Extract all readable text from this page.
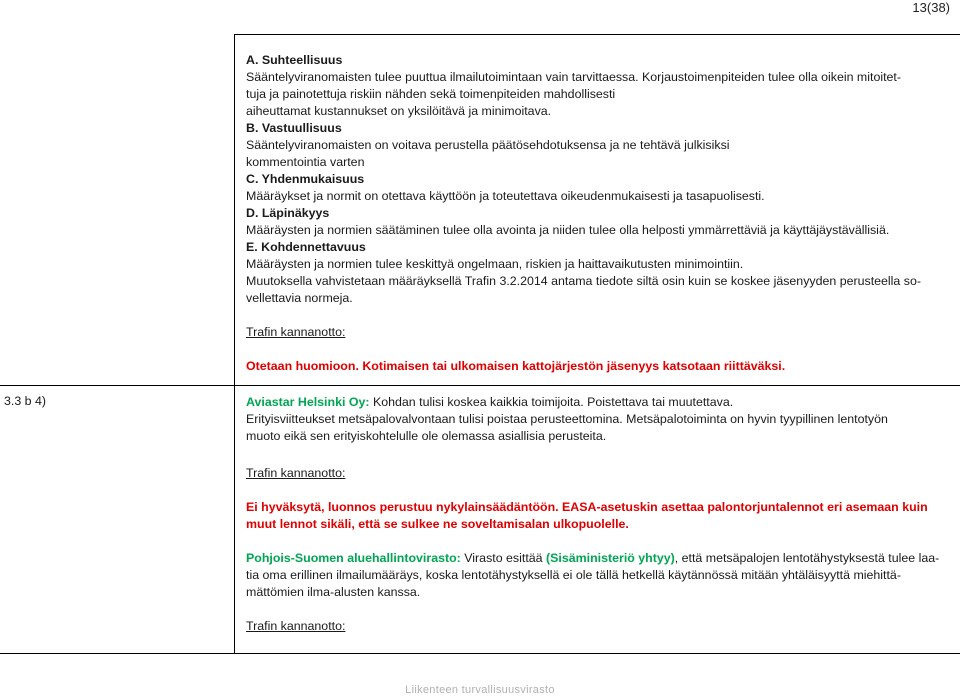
13(38)

A. Suhteellisuus

Sääntelyviranomaisten tulee puuttua ilmailutoimintaan vain tarvittaessa. Korjaustoimenpiteiden tulee olla oikein mitoitet-

tuja ja painotettuja riskiin nähden sekä toimenpiteiden mahdollisesti

aiheuttamat kustannukset on yksilöitävä ja minimoitava.

B. Vastuullisuus

Sääntelyviranomaisten on voitava perustella päätösehdotuksensa ja ne tehtävä julkisiksi

kommentointia varten

C. Yhdenmukaisuus

Määräykset ja normit on otettava käyttöön ja toteutettava oikeudenmukaisesti ja tasapuolisesti.

D. Läpinäkyys

Määräysten ja normien säätäminen tulee olla avointa ja niiden tulee olla helposti ymmärrettäviä ja käyttäjäystävällisiä.

E. Kohdennettavuus

Määräysten ja normien tulee keskittyä ongelmaan, riskien ja haittavaikutusten minimointiin.

Muutoksella vahvistetaan määräyksellä Trafin 3.2.2014 antama tiedote siltä osin kuin se koskee jäsenyyden perusteella so-

vellettavia normeja.

Trafin kannanotto:

Otetaan huomioon. Kotimaisen tai ulkomaisen kattojärjestön jäsenyys katsotaan riittäväksi.

3.3 b 4)	Aviastar Helsinki Oy: Kohdan tulisi koskea kaikkia toimijoita. Poistettava tai muutettava.

Erityisviitteukset metsäpalovalvontaan tulisi poistaa perusteettomina. Metsäpalotoiminta on hyvin tyypillinen lentotyön

muoto eikä sen erityiskohtelulle ole olemassa asiallisia perusteita.

Trafin kannanotto:

Ei hyväksytä, luonnos perustuu nykylainsäädäntöön. EASA-asetuskin asettaa palontorjuntalennot eri asemaan kuin

muut lennot sikäli, että se sulkee ne soveltamisalan ulkopuolelle.

Pohjois-Suomen aluehallintovirasto: Virasto esittää (Sisäministeriö yhtyy), että metsäpalojen lentotähystyksestä tulee laa-

tia oma erillinen ilmailumääräys, koska lentotähystyksellä ei ole tällä hetkellä käytännössä mitään yhtäläisyyttä miehittä-

mättömien ilma-alusten kanssa.

Trafin kannanotto:

Liikenteen turvallisuusvirasto
